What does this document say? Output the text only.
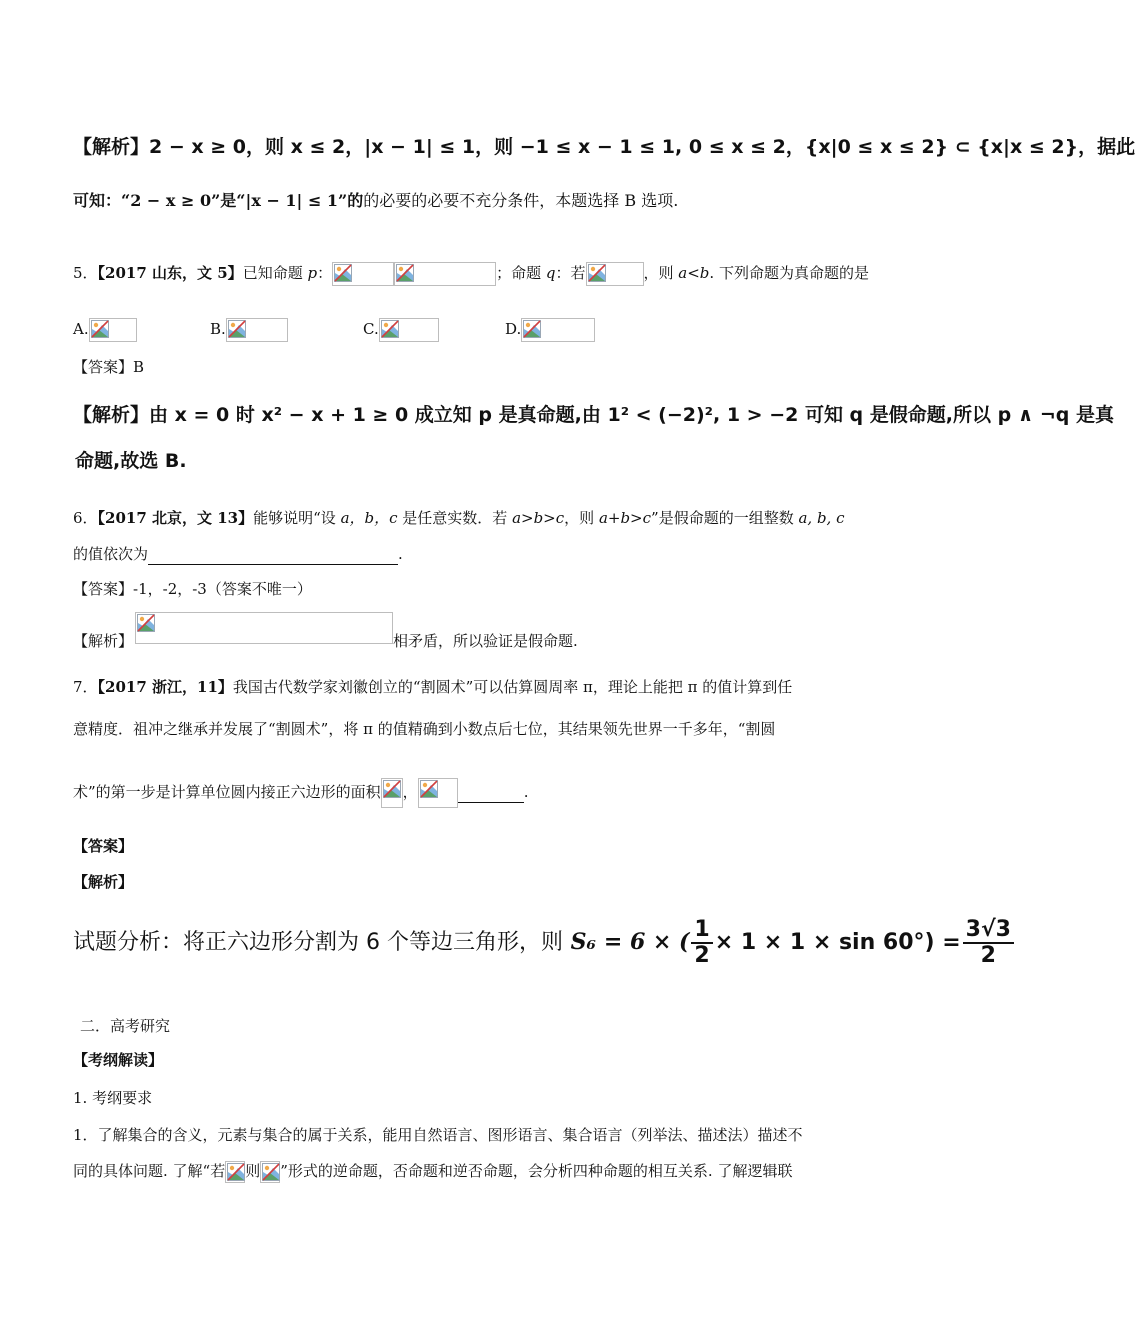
【解析】2 − x ≥ 0，则 x ≤ 2，|x − 1| ≤ 1，则 −1 ≤ x − 1 ≤ 1, 0 ≤ x ≤ 2，{x|0 ≤ x ≤ 2} ⊂ {x|x ≤ 2}，据此
可知：“2 − x ≥ 0”是“|x − 1| ≤ 1”的的必要的必要不充分条件，本题选择 B 选项.
5．【2017 山东，文 5】已知命题 p：	；命题 q：若	，则 a<b. 下列命题为真命题的是
A.	B.	C.	D.
【答案】B
【解析】由 x = 0 时 x² − x + 1 ≥ 0 成立知 p 是真命题,由 1² < (−2)², 1 > −2 可知 q 是假命题,所以 p ∧ ¬q 是真
命题,故选 B.
6．【2017 北京，文 13】能够说明“设 a，b，c 是任意实数．若 a>b>c，则 a+b>c”是假命题的一组整数 a, b, c
的值依次为	.
【答案】-1，-2，-3（答案不唯一）
【解析】	相矛盾，所以验证是假命题.
7．【2017 浙江，11】我国古代数学家刘徽创立的“割圆术”可以估算圆周率 π，理论上能把 π 的值计算到任
意精度．祖冲之继承并发展了“割圆术”，将 π 的值精确到小数点后七位，其结果领先世界一千多年，“割圆
术”的第一步是计算单位圆内接正六边形的面积 ，	.
【答案】
【解析】
试题分析：将正六边形分割为 6 个等边三角形，则 S₆ = 6 × ( $\frac{1}{2} \times 1 \times 1 \times \sin 60^\circ) = \frac{3√3}{2}$
二．高考研究
【考纲解读】
1. 考纲要求
1．了解集合的含义，元素与集合的属于关系，能用自然语言、图形语言、集合语言（列举法、描述法）描述不
同的具体问题. 了解“若 则 ”形式的逆命题，否命题和逆否命题，会分析四种命题的相互关系. 了解逻辑联
